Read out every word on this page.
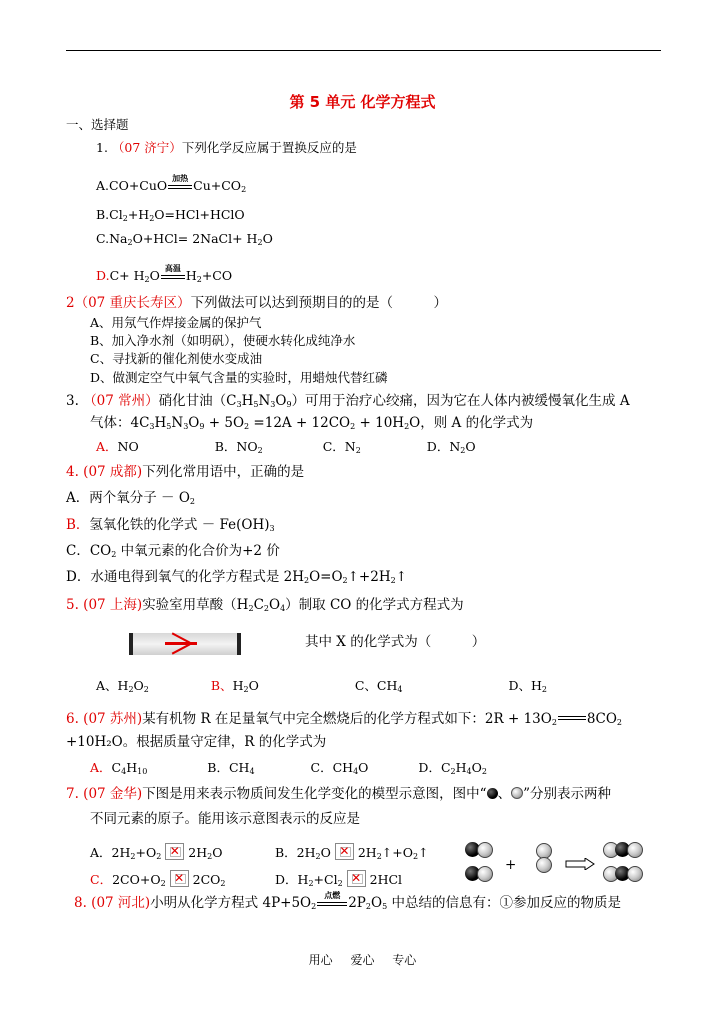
第 5 单元 化学方程式
一、选择题
1. （07 济宁）下列化学反应属于置换反应的是
A.CO+CuO 加热 $Cu+CO_2$
$B.Cl_2+H_2O=HCl+HClO$
$C.Na_2O+HCl=$ 2NaCl+ $H_2O$
$D.C+ H_2O$ 高温 $H_2+CO$
2（07 重庆长寿区）下列做法可以达到预期目的的是（　　　）
A、用氖气作焊接金属的保护气
B、加入净水剂（如明矾），使硬水转化成纯净水
C、寻找新的催化剂使水变成油
D、做测定空气中氧气含量的实验时，用蜡烛代替红磷
3. （07 常州）硝化甘油$(C_3H_5N_3O_9)$可用于治疗心绞痛，因为它在人体内被缓慢氧化生成 A
气体：$4C_3H_5N_3O_9 + 5O_2 =12A + 12CO_2 + 10H_2O$，则 A 的化学式为
A．NO	B．$NO_2$	C．$N_2$	D．$N_2O$
4. (07 成都)下列化常用语中，正确的是
A．两个氧分子 － $O_2$
B．氢氧化铁的化学式 － $Fe(OH)_3$
C．$CO_2$ 中氧元素的化合价为+2 价
D．水通电得到氧气的化学方程式是 $2H_2O=O_2↑+2H_2↑$
5. (07 上海)实验室用草酸$(H_2C_2O_4)$制取 CO 的化学式方程式为
其中 X 的化学式为（　　　）
A、$H_2O_2$	B、$H_2O$	C、$CH_4$	D、$H_2$
6. (07 苏州)某有机物 R 在足量氧气中完全燃烧后的化学方程式如下：$2R + 13O_2$ $8CO_2$
+10H₂O。根据质量守定律，R 的化学式为
A．$C_4H_{10}$	B．$CH_4$	C．$CH_4O$	D．$C_2H_4O_2$
7. (07 金华)下图是用来表示物质间发生化学变化的模型示意图，图中“ 、 ”分别表示两种
不同元素的原子。能用该示意图表示的反应是
A．$2H_2+O_2$ ✕ $2H_2O$	B．$2H_2O$ ✕ $2H_2↑+O_2↑$
C．$2CO+O_2$ ✕ $2CO_2$	D．$H_2+Cl_2$ ✕ 2HCl
+
8. (07 河北)小明从化学方程式 $4P+5O_2$
点燃 $2P_2O_5$ 中总结的信息有：①参加反应的物质是
用心 爱心 专心
